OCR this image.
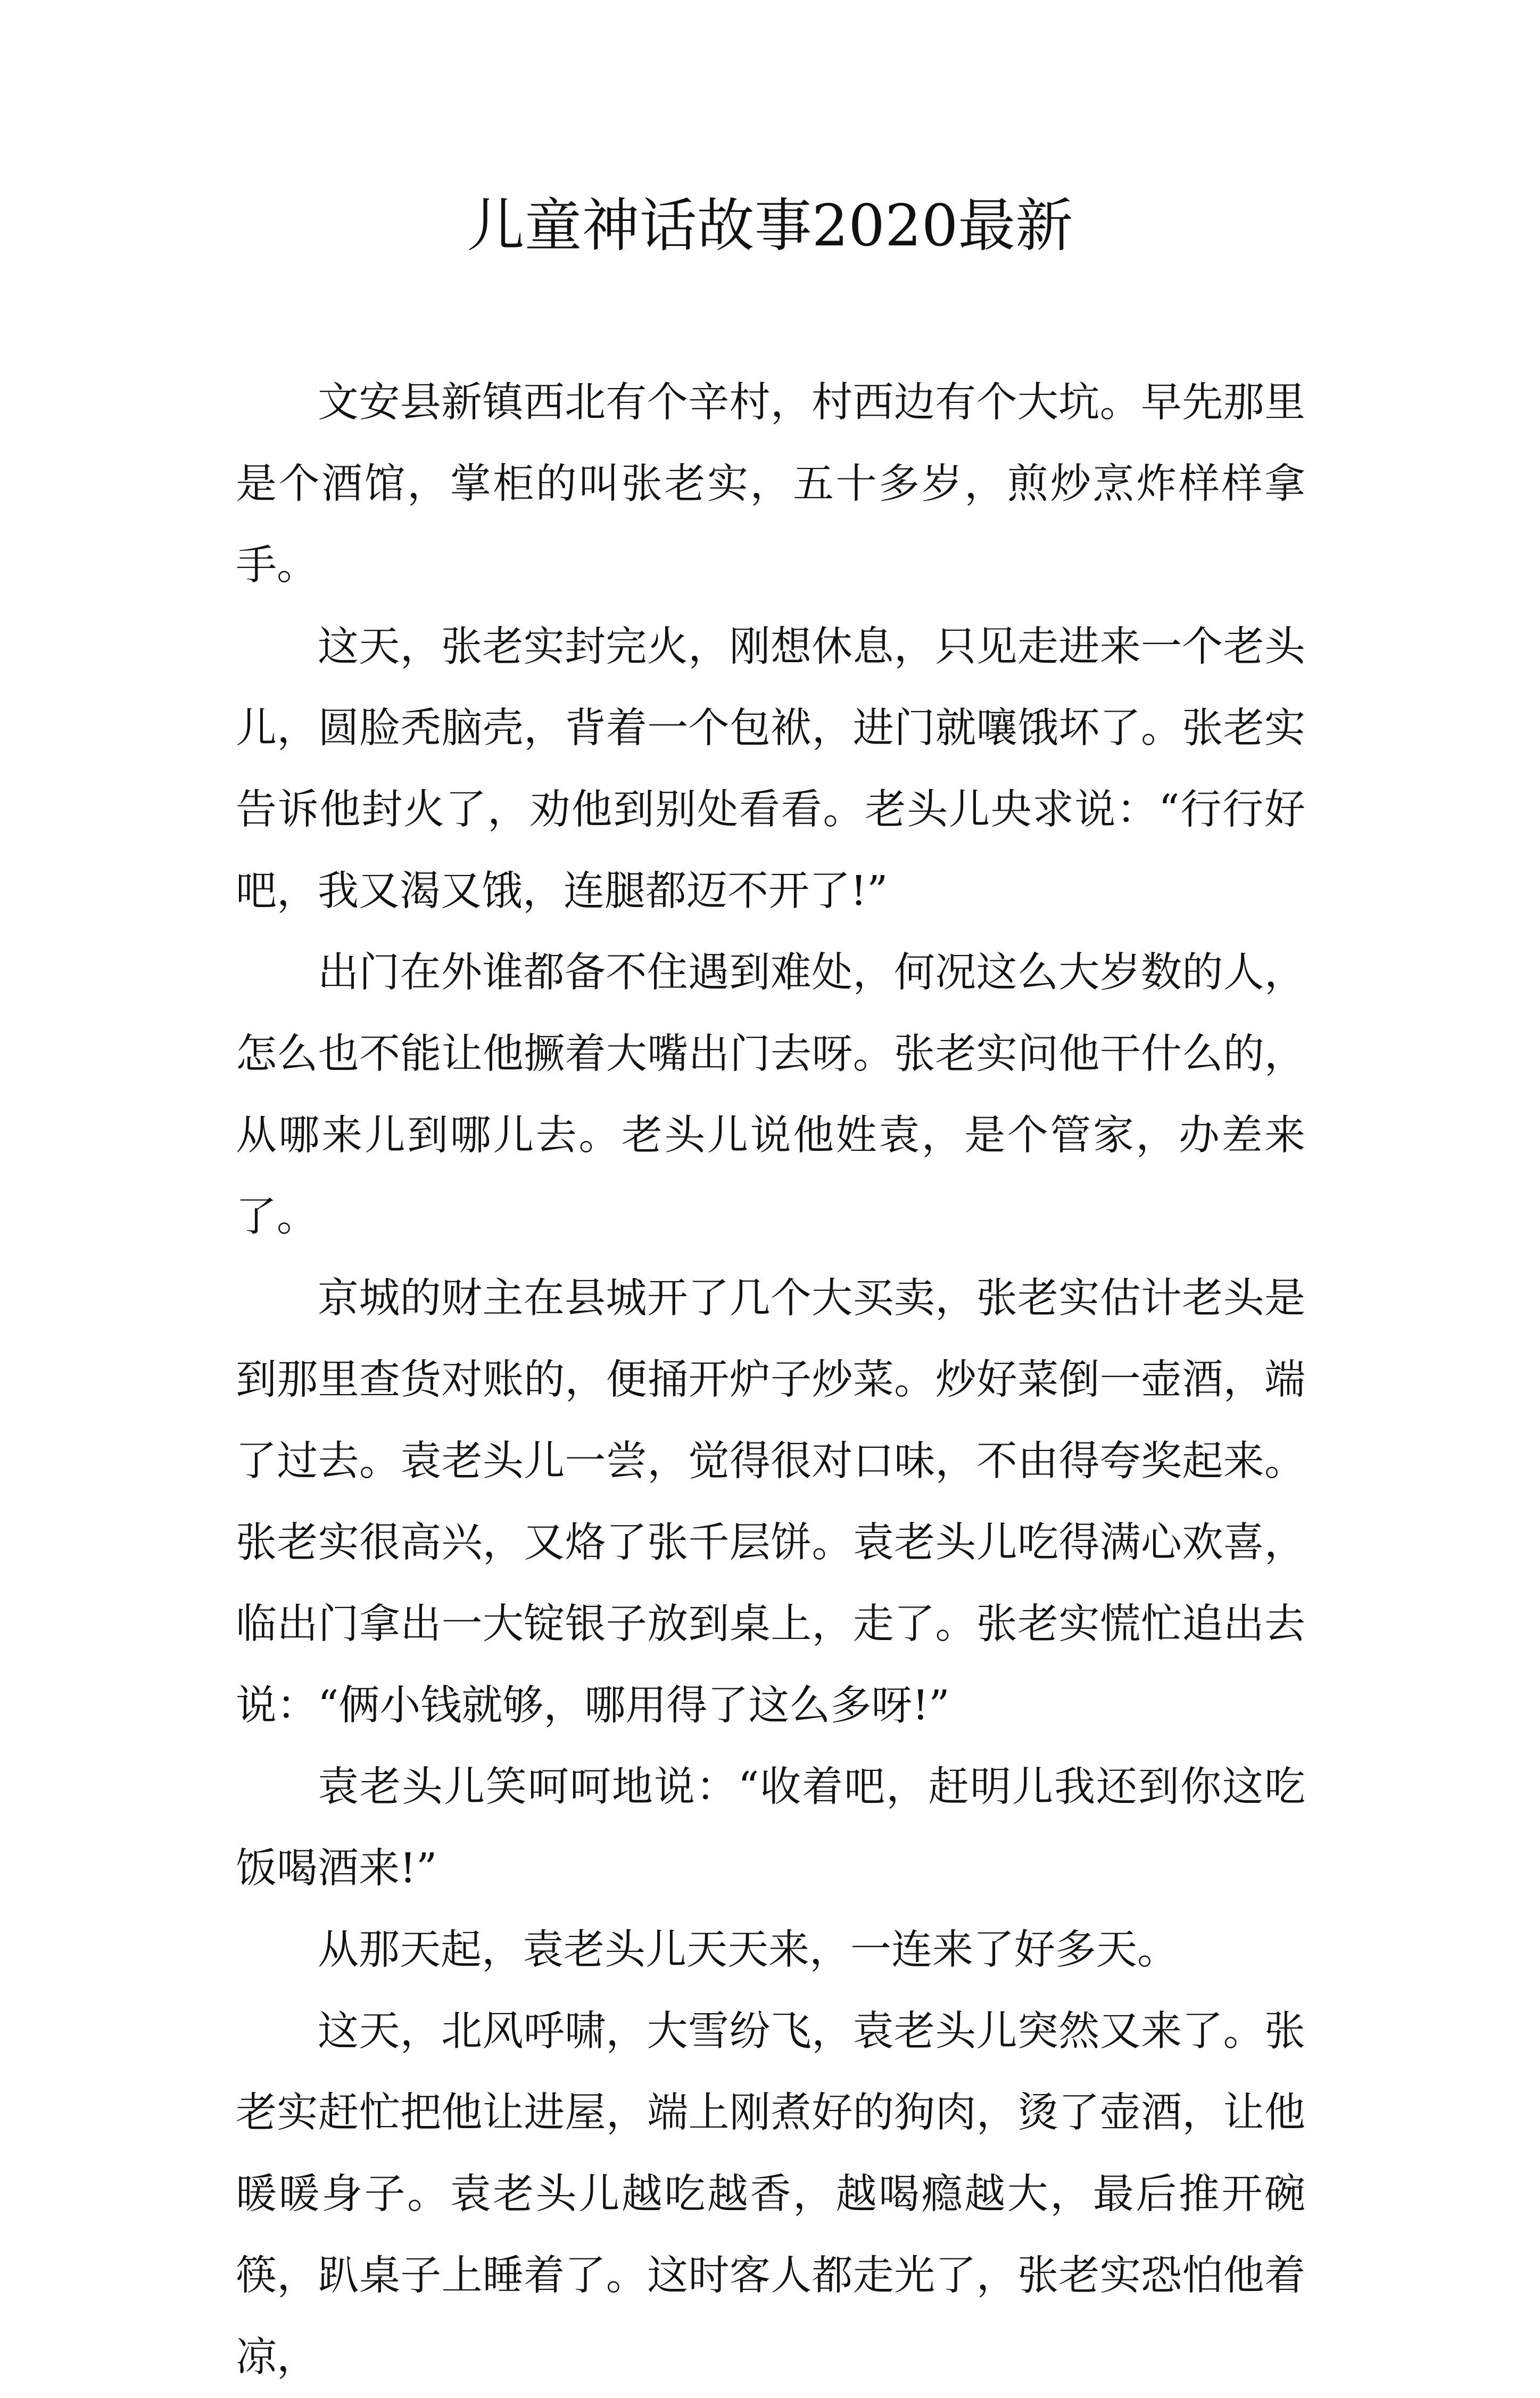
儿童神话故事2020最新

文安县新镇西北有个辛村，村西边有个大坑。早先那里是个酒馆，掌柜的叫张老实，五十多岁，煎炒烹炸样样拿手。

这天，张老实封完火，刚想休息，只见走进来一个老头儿，圆脸秃脑壳，背着一个包袱，进门就嚷饿坏了。张老实告诉他封火了，劝他到别处看看。老头儿央求说：“行行好吧，我又渴又饿，连腿都迈不开了!”

出门在外谁都备不住遇到难处，何况这么大岁数的人，怎么也不能让他撅着大嘴出门去呀。张老实问他干什么的，从哪来儿到哪儿去。老头儿说他姓袁，是个管家，办差来了。

京城的财主在县城开了几个大买卖，张老实估计老头是到那里查货对账的，便捅开炉子炒菜。炒好菜倒一壶酒，端了过去。袁老头儿一尝，觉得很对口味，不由得夸奖起来。张老实很高兴，又烙了张千层饼。袁老头儿吃得满心欢喜，临出门拿出一大锭银子放到桌上，走了。张老实慌忙追出去说：“俩小钱就够，哪用得了这么多呀!”

袁老头儿笑呵呵地说：“收着吧，赶明儿我还到你这吃饭喝酒来!”

从那天起，袁老头儿天天来，一连来了好多天。

这天，北风呼啸，大雪纷飞，袁老头儿突然又来了。张老实赶忙把他让进屋，端上刚煮好的狗肉，烫了壶酒，让他暖暖身子。袁老头儿越吃越香，越喝瘾越大，最后推开碗筷，趴桌子上睡着了。这时客人都走光了，张老实恐怕他着凉，
